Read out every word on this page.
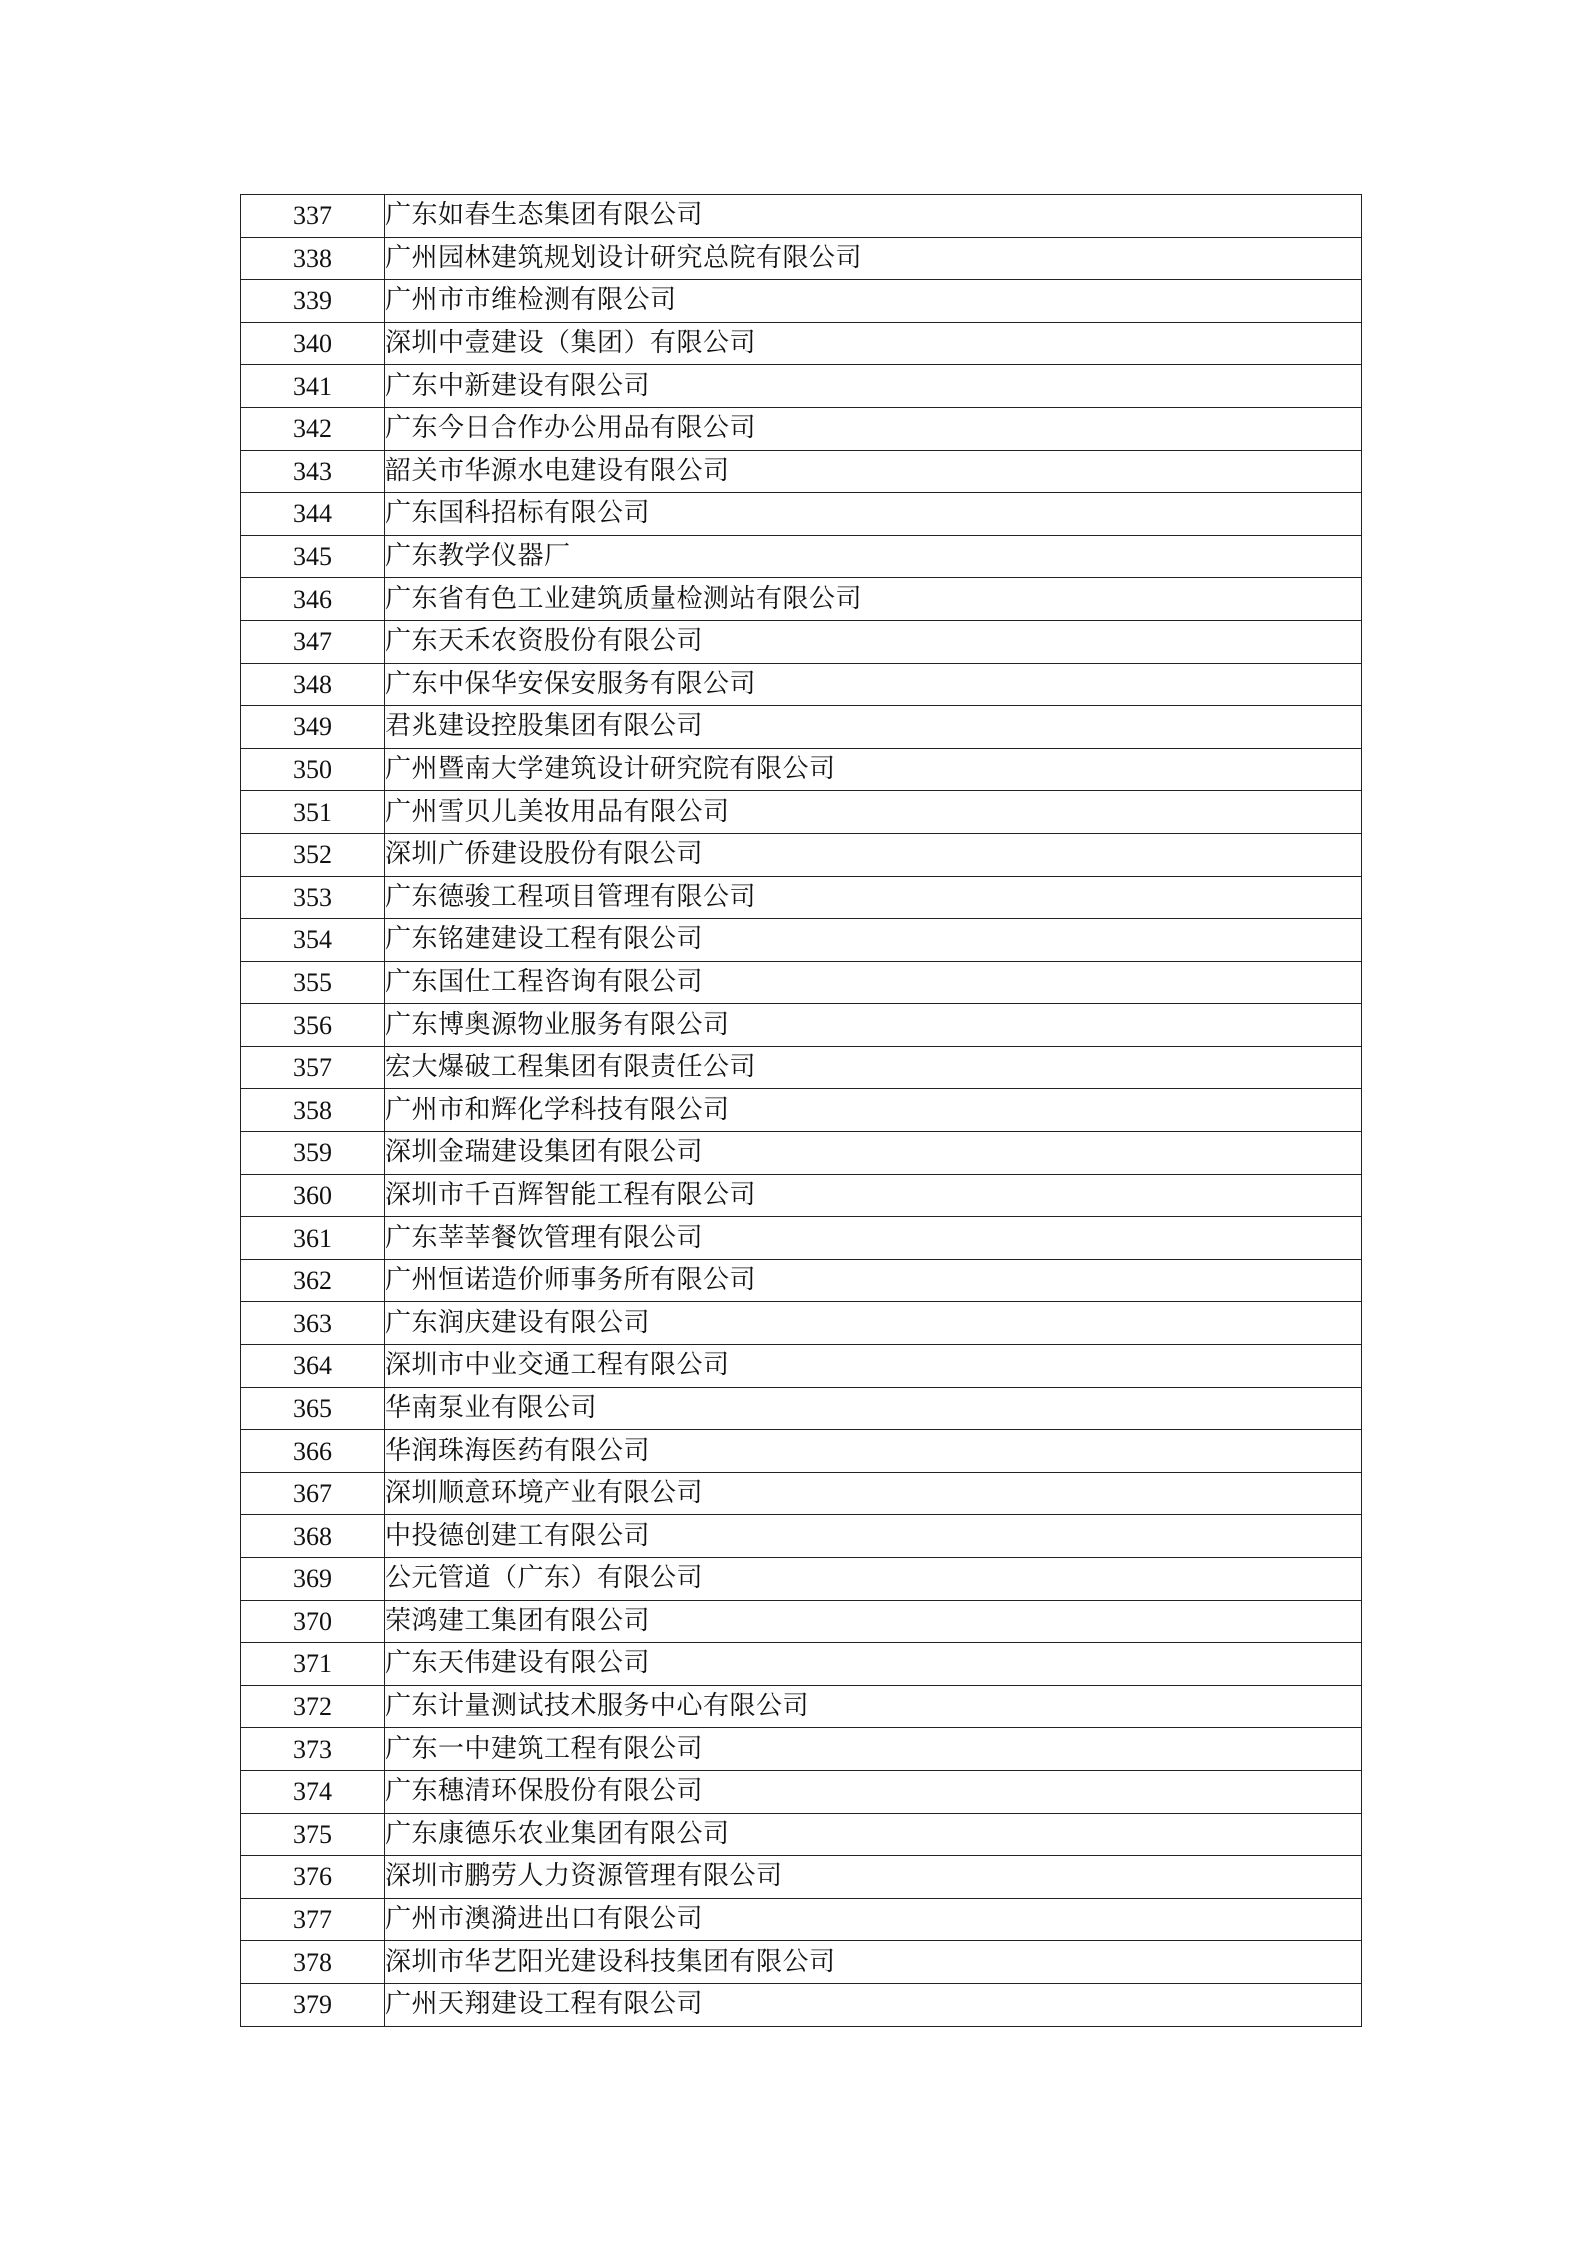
337	广东如春生态集团有限公司
338	广州园林建筑规划设计研究总院有限公司
339	广州市市维检测有限公司
340	深圳中壹建设（集团）有限公司
341	广东中新建设有限公司
342	广东今日合作办公用品有限公司
343	韶关市华源水电建设有限公司
344	广东国科招标有限公司
345	广东教学仪器厂
346	广东省有色工业建筑质量检测站有限公司
347	广东天禾农资股份有限公司
348	广东中保华安保安服务有限公司
349	君兆建设控股集团有限公司
350	广州暨南大学建筑设计研究院有限公司
351	广州雪贝儿美妆用品有限公司
352	深圳广侨建设股份有限公司
353	广东德骏工程项目管理有限公司
354	广东铭建建设工程有限公司
355	广东国仕工程咨询有限公司
356	广东博奥源物业服务有限公司
357	宏大爆破工程集团有限责任公司
358	广州市和辉化学科技有限公司
359	深圳金瑞建设集团有限公司
360	深圳市千百辉智能工程有限公司
361	广东莘莘餐饮管理有限公司
362	广州恒诺造价师事务所有限公司
363	广东润庆建设有限公司
364	深圳市中业交通工程有限公司
365	华南泵业有限公司
366	华润珠海医药有限公司
367	深圳顺意环境产业有限公司
368	中投德创建工有限公司
369	公元管道（广东）有限公司
370	荣鸿建工集团有限公司
371	广东天伟建设有限公司
372	广东计量测试技术服务中心有限公司
373	广东一中建筑工程有限公司
374	广东穗清环保股份有限公司
375	广东康德乐农业集团有限公司
376	深圳市鹏劳人力资源管理有限公司
377	广州市澳漪进出口有限公司
378	深圳市华艺阳光建设科技集团有限公司
379	广州天翔建设工程有限公司
